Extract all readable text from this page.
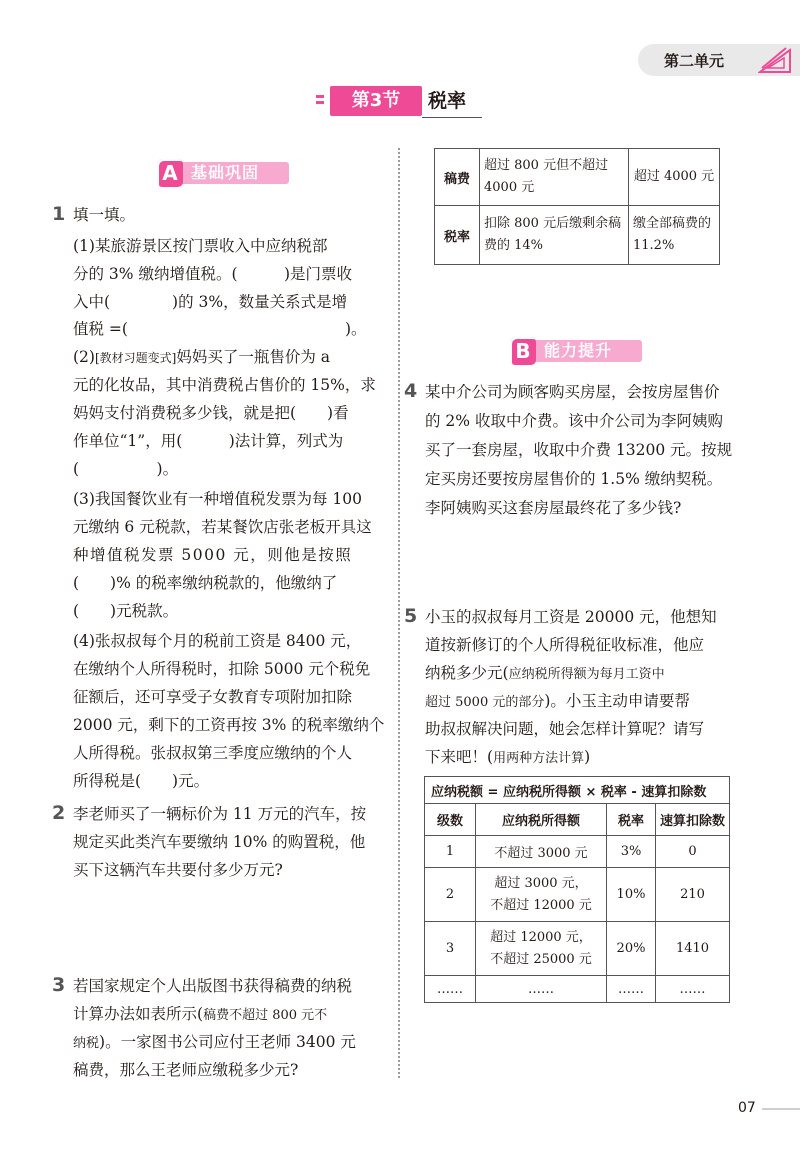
第二单元
第3节	税率
A 基础巩固
1 填一填。
(1)某旅游景区按门票收入中应纳税部
分的 3% 缴纳增值税。(　　　)是门票收
入中(　　　　)的 3%，数量关系式是增
值税 =(　　　　　　　　　　　　　　)。
(2)[教材习题变式]妈妈买了一瓶售价为 a
元的化妆品，其中消费税占售价的 15%，求
妈妈支付消费税多少钱，就是把(　　)看
作单位“1”，用(　　　)法计算，列式为
(　　　　　)。
(3)我国餐饮业有一种增值税发票为每 100
元缴纳 6 元税款，若某餐饮店张老板开具这
种增值税发票 5000 元，则他是按照
(　　)% 的税率缴纳税款的，他缴纳了
(　　)元税款。
(4)张叔叔每个月的税前工资是 8400 元，
在缴纳个人所得税时，扣除 5000 元个税免
征额后，还可享受子女教育专项附加扣除
2000 元，剩下的工资再按 3% 的税率缴纳个
人所得税。张叔叔第三季度应缴纳的个人
所得税是(　　)元。
2 李老师买了一辆标价为 11 万元的汽车，按
规定买此类汽车要缴纳 10% 的购置税，他
买下这辆汽车共要付多少万元?
3 若国家规定个人出版图书获得稿费的纳税
计算办法如表所示(稿费不超过 800 元不
纳税)。一家图书公司应付王老师 3400 元
稿费，那么王老师应缴税多少元?
稿费	超过 800 元但不超过 4000 元	超过 4000 元
税率	扣除 800 元后缴剩余稿费的 14%	缴全部稿费的 11.2%
B 能力提升
4 某中介公司为顾客购买房屋，会按房屋售价
的 2% 收取中介费。该中介公司为李阿姨购
买了一套房屋，收取中介费 13200 元。按规
定买房还要按房屋售价的 1.5% 缴纳契税。
李阿姨购买这套房屋最终花了多少钱?
5 小玉的叔叔每月工资是 20000 元，他想知
道按新修订的个人所得税征收标准，他应
纳税多少元(应纳税所得额为每月工资中
超过 5000 元的部分)。小玉主动申请要帮
助叔叔解决问题，她会怎样计算呢？请写
下来吧！(用两种方法计算)
应纳税额 = 应纳税所得额 × 税率 - 速算扣除数			
级数	应纳税所得额	税率	速算扣除数
1	不超过 3000 元	3%	0
2	超过 3000 元，不超过 12000 元	10%	210
3	超过 12000 元，不超过 25000 元	20%	1410
……	……	……	……
07
